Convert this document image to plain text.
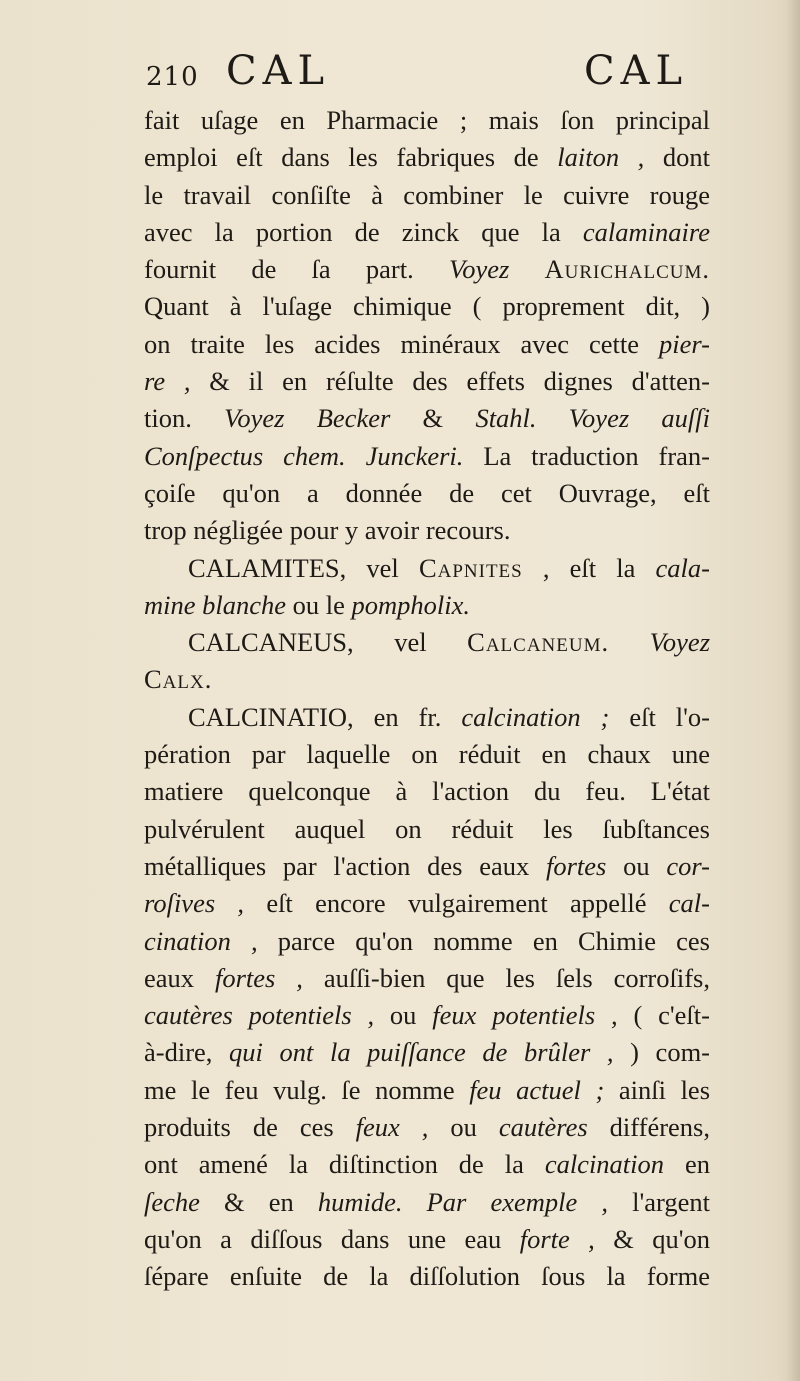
210 CAL	CAL
fait uſage en Pharmacie ; mais ſon principal
emploi eſt dans les fabriques de laiton , dont
le travail conſiſte à combiner le cuivre rouge
avec la portion de zinck que la calaminaire
fournit de ſa part. Voyez Aurichalcum.
Quant à l'uſage chimique ( proprement dit, )
on traite les acides minéraux avec cette pier-
re , & il en réſulte des effets dignes d'atten-
tion. Voyez Becker & Stahl. Voyez auſſi
Conſpectus chem. Junckeri. La traduction fran-
çoiſe qu'on a donnée de cet Ouvrage, eſt
trop négligée pour y avoir recours.
CALAMITES, vel Capnites , eſt la cala-
mine blanche ou le pompholix.
CALCANEUS, vel Calcaneum. Voyez
Calx.
CALCINATIO, en fr. calcination ; eſt l'o-
pération par laquelle on réduit en chaux une
matiere quelconque à l'action du feu. L'état
pulvérulent auquel on réduit les ſubſtances
métalliques par l'action des eaux fortes ou cor-
roſives , eſt encore vulgairement appellé cal-
cination , parce qu'on nomme en Chimie ces
eaux fortes , auſſi-bien que les ſels corroſifs,
cautères potentiels , ou feux potentiels , ( c'eſt-
à-dire, qui ont la puiſſance de brûler , ) com-
me le feu vulg. ſe nomme feu actuel ; ainſi les
produits de ces feux , ou cautères différens,
ont amené la diſtinction de la calcination en
ſeche & en humide. Par exemple , l'argent
qu'on a diſſous dans une eau forte , & qu'on
ſépare enſuite de la diſſolution ſous la forme
